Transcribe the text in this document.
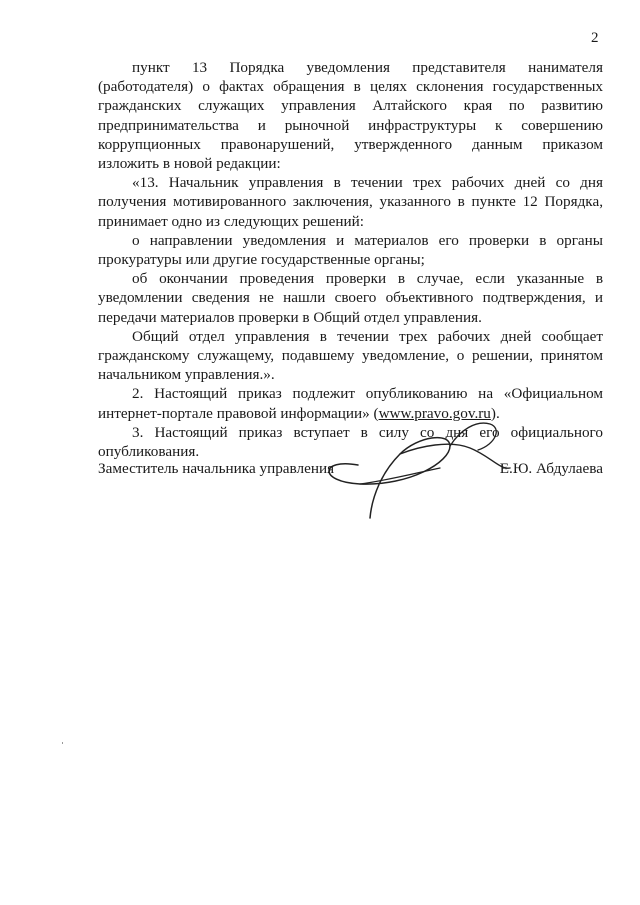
2

пункт 13 Порядка уведомления представителя нанимателя (работодателя) о фактах обращения в целях склонения государственных гражданских служащих управления Алтайского края по развитию предпринимательства и рыночной инфраструктуры к совершению коррупционных правонарушений, утвержденного данным приказом изложить в новой редакции:

«13. Начальник управления в течении трех рабочих дней со дня получения мотивированного заключения, указанного в пункте 12 Порядка, принимает одно из следующих решений:

о направлении уведомления и материалов его проверки в органы прокуратуры или другие государственные органы;

об окончании проведения проверки в случае, если указанные в уведомлении сведения не нашли своего объективного подтверждения, и передачи материалов проверки в Общий отдел управления.

Общий отдел управления в течении трех рабочих дней сообщает гражданскому служащему, подавшему уведомление, о решении, принятом начальником управления.».

2. Настоящий приказ подлежит опубликованию на «Официальном интернет-портале правовой информации» (www.pravo.gov.ru).

3. Настоящий приказ вступает в силу со дня его официального опубликования.

Заместитель начальника управления	Е.Ю. Абдулаева
